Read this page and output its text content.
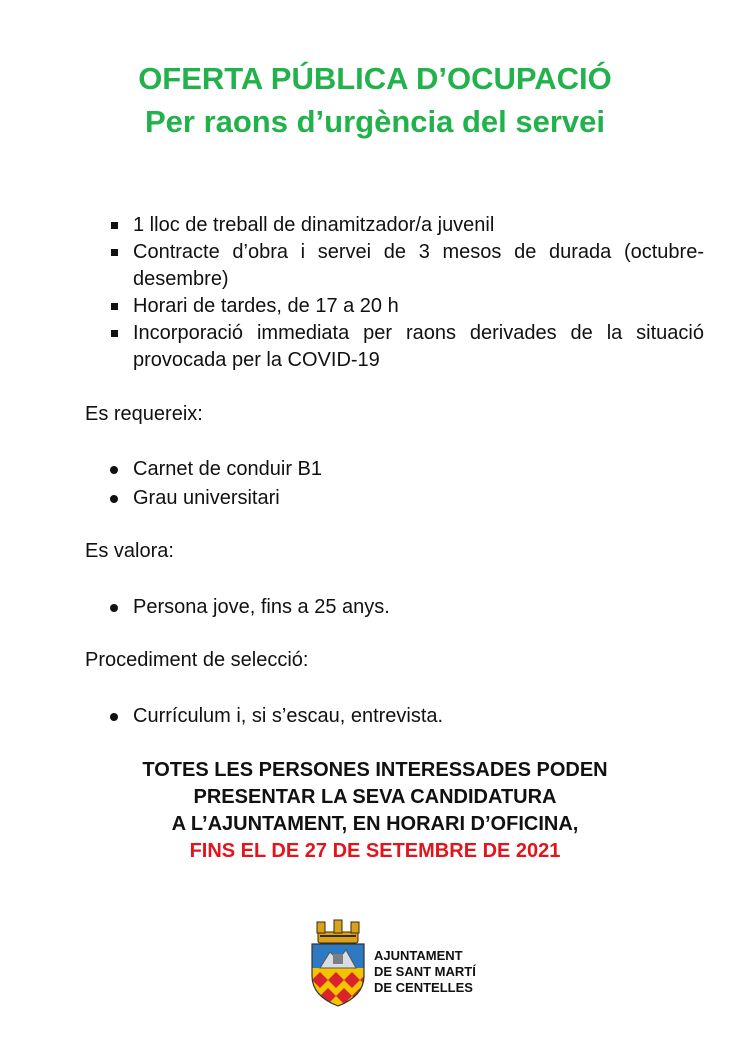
OFERTA PÚBLICA D’OCUPACIÓ
Per raons d’urgència del servei
1 lloc de treball de dinamitzador/a juvenil
Contracte d’obra i servei de 3 mesos de durada (octubre-desembre)
Horari de tardes, de 17 a 20 h
Incorporació immediata per raons derivades de la situació provocada per la COVID-19

Es requereix:

Carnet de conduir B1
Grau universitari

Es valora:

Persona jove, fins a 25 anys.

Procediment de selecció:

Currículum i, si s’escau, entrevista.

TOTES LES PERSONES INTERESSADES PODEN

PRESENTAR LA SEVA CANDIDATURA

A L’AJUNTAMENT, EN HORARI D’OFICINA,

FINS EL DE 27 DE SETEMBRE DE 2021

AJUNTAMENT
DE SANT MARTÍ
DE CENTELLES
